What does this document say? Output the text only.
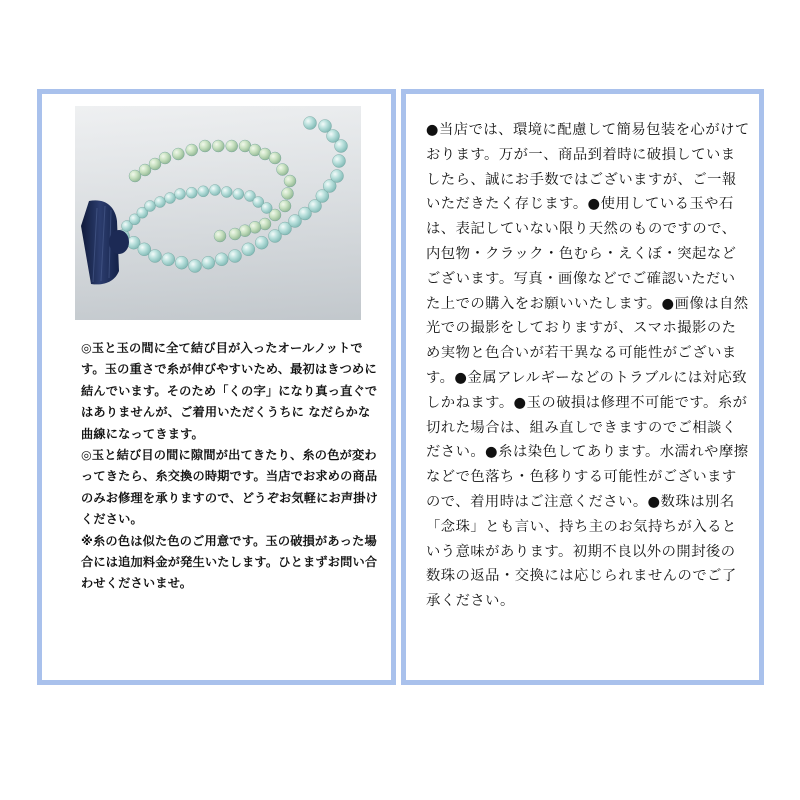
◎玉と玉の間に全て結び目が入ったオールノットです。玉の重さで糸が伸びやすいため、最初はきつめに結んでいます。そのため「くの字」になり真っ直ぐではありませんが、ご着用いただくうちに なだらかな曲線になってきます。

◎玉と結び目の間に隙間が出てきたり、糸の色が変わってきたら、糸交換の時期です。当店でお求めの商品のみお修理を承りますので、どうぞお気軽にお声掛けください。

※糸の色は似た色のご用意です。玉の破損があった場合には追加料金が発生いたします。ひとまずお問い合わせくださいませ。

●当店では、環境に配慮して簡易包装を心がけております。万が一、商品到着時に破損していましたら、誠にお手数ではございますが、ご一報いただきたく存じます。●使用している玉や石は、表記していない限り天然のものですので、内包物・クラック・色むら・えくぼ・突起などございます。写真・画像などでご確認いただいた上での購入をお願いいたします。●画像は自然光での撮影をしておりますが、スマホ撮影のため実物と色合いが若干異なる可能性がございます。●金属アレルギーなどのトラブルには対応致しかねます。●玉の破損は修理不可能です。糸が切れた場合は、組み直しできますのでご相談ください。●糸は染色してあります。水濡れや摩擦などで色落ち・色移りする可能性がございますので、着用時はご注意ください。●数珠は別名「念珠」とも言い、持ち主のお気持ちが入るという意味があります。初期不良以外の開封後の数珠の返品・交換には応じられませんのでご了承ください。
